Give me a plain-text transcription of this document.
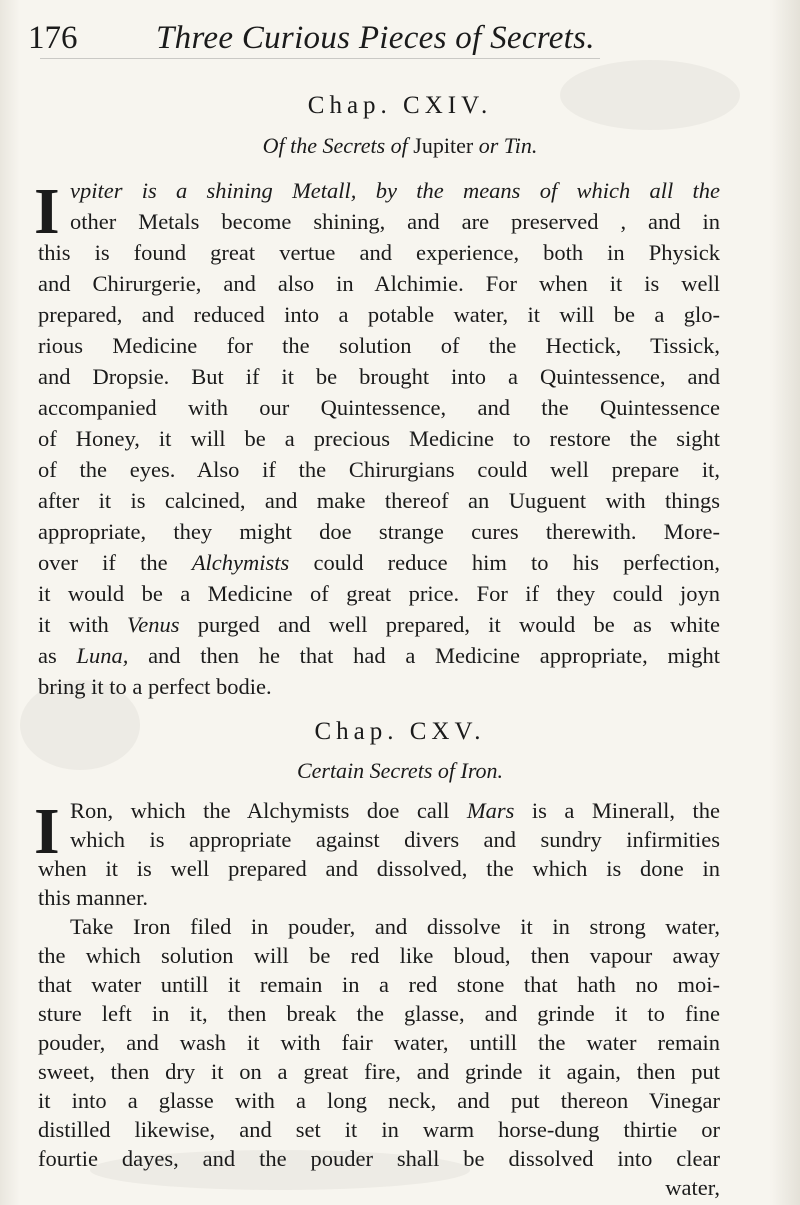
176 Three Curious Pieces of Secrets.
Chap. CXIV.
Of the Secrets of Jupiter or Tin.
I vpiter is a shining Metall, by the means of which all the
other Metals become shining, and are preserved , and in
this is found great vertue and experience, both in Physick
and Chirurgerie, and also in Alchimie. For when it is well
prepared, and reduced into a potable water, it will be a glo-
rious Medicine for the solution of the Hectick, Tissick,
and Dropsie. But if it be brought into a Quintessence, and
accompanied with our Quintessence, and the Quintessence
of Honey, it will be a precious Medicine to restore the sight
of the eyes. Also if the Chirurgians could well prepare it,
after it is calcined, and make thereof an Uuguent with things
appropriate, they might doe strange cures therewith. More-
over if the Alchymists could reduce him to his perfection,
it would be a Medicine of great price. For if they could joyn
it with Venus purged and well prepared, it would be as white
as Luna, and then he that had a Medicine appropriate, might
bring it to a perfect bodie.
Chap. CXV.
Certain Secrets of Iron.
I Ron, which the Alchymists doe call Mars is a Minerall, the
which is appropriate against divers and sundry infirmities
when it is well prepared and dissolved, the which is done in
this manner.
Take Iron filed in pouder, and dissolve it in strong water,
the which solution will be red like bloud, then vapour away
that water untill it remain in a red stone that hath no moi-
sture left in it, then break the glasse, and grinde it to fine
pouder, and wash it with fair water, untill the water remain
sweet, then dry it on a great fire, and grinde it again, then put
it into a glasse with a long neck, and put thereon Vinegar
distilled likewise, and set it in warm horse-dung thirtie or
fourtie dayes, and the pouder shall be dissolved into clear
water,
